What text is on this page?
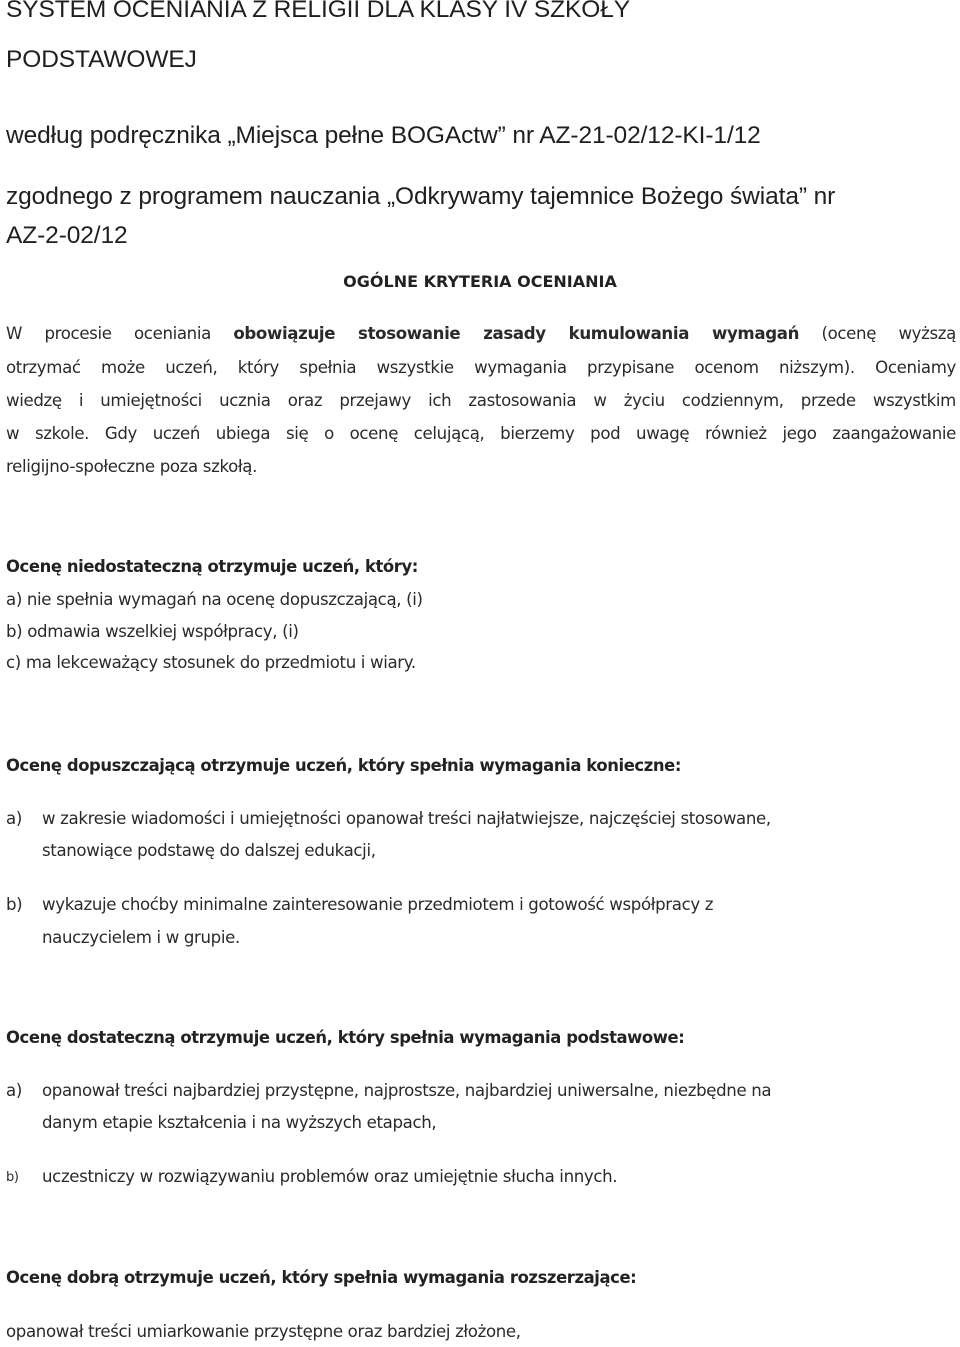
SYSTEM OCENIANIA Z RELIGII DLA KLASY IV SZKOŁY
PODSTAWOWEJ
według podręcznika „Miejsca pełne BOGActw” nr AZ-21-02/12-KI-1/12
zgodnego z programem nauczania „Odkrywamy tajemnice Bożego świata” nr
AZ-2-02/12
OGÓLNE KRYTERIA OCENIANIA
W procesie oceniania obowiązuje stosowanie zasady kumulowania wymagań (ocenę wyższą
otrzymać może uczeń, który spełnia wszystkie wymagania przypisane ocenom niższym). Oceniamy
wiedzę i umiejętności ucznia oraz przejawy ich zastosowania w życiu codziennym, przede wszystkim
w szkole. Gdy uczeń ubiega się o ocenę celującą, bierzemy pod uwagę również jego zaangażowanie
religijno-społeczne poza szkołą.
Ocenę niedostateczną otrzymuje uczeń, który:
a) nie spełnia wymagań na ocenę dopuszczającą, (i)
b) odmawia wszelkiej współpracy, (i)
c) ma lekceważący stosunek do przedmiotu i wiary.
Ocenę dopuszczającą otrzymuje uczeń, który spełnia wymagania konieczne:
a) w zakresie wiadomości i umiejętności opanował treści najłatwiejsze, najczęściej stosowane,
stanowiące podstawę do dalszej edukacji,
b) wykazuje choćby minimalne zainteresowanie przedmiotem i gotowość współpracy z
nauczycielem i w grupie.
Ocenę dostateczną otrzymuje uczeń, który spełnia wymagania podstawowe:
a) opanował treści najbardziej przystępne, najprostsze, najbardziej uniwersalne, niezbędne na
danym etapie kształcenia i na wyższych etapach,
b) uczestniczy w rozwiązywaniu problemów oraz umiejętnie słucha innych.
Ocenę dobrą otrzymuje uczeń, który spełnia wymagania rozszerzające:
opanował treści umiarkowanie przystępne oraz bardziej złożone,
